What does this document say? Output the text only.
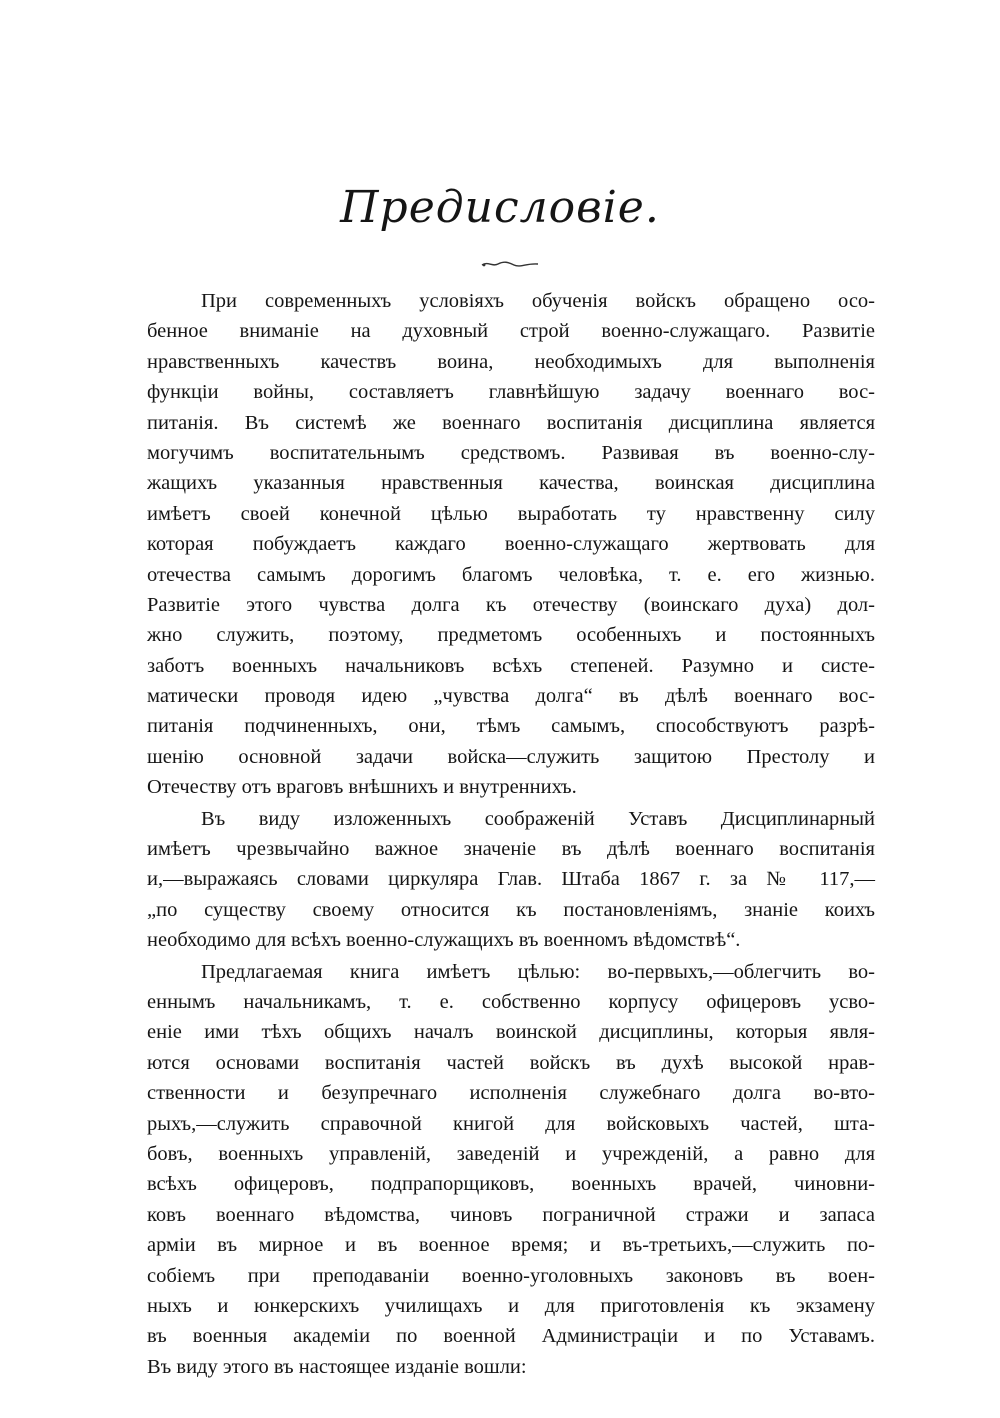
Предисловіе.
При современныхъ условіяхъ обученія войскъ обращено осо-
бенное вниманіе на духовный строй военно-служащаго. Развитіе
нравственныхъ качествъ воина, необходимыхъ для выполненія
функціи войны, составляетъ главнѣйшую задачу военнаго вос-
питанія. Въ системѣ же военнаго воспитанія дисциплина является
могучимъ воспитательнымъ средствомъ. Развивая въ военно-слу-
жащихъ указанныя нравственныя качества, воинская дисциплина
имѣетъ своей конечной цѣлью выработать ту нравственну силу
которая побуждаетъ каждаго военно-служащаго жертвовать для
отечества самымъ дорогимъ благомъ человѣка, т. е. его жизнью.
Развитіе этого чувства долга къ отечеству (воинскаго духа) дол-
жно служить, поэтому, предметомъ особенныхъ и постоянныхъ
заботъ военныхъ начальниковъ всѣхъ степеней. Разумно и систе-
матически проводя идею „чувства долга“ въ дѣлѣ военнаго вос-
питанія подчиненныхъ, они, тѣмъ самымъ, способствуютъ разрѣ-
шенію основной задачи войска—служить защитою Престолу и
Отечеству отъ враговъ внѣшнихъ и внутреннихъ.
Въ виду изложенныхъ соображеній Уставъ Дисциплинарный
имѣетъ чрезвычайно важное значеніе въ дѣлѣ военнаго воспитанія
и,—выражаясь словами циркуляра Глав. Штаба 1867 г. за № 117,—
„по существу своему относится къ постановленіямъ, знаніе коихъ
необходимо для всѣхъ военно-служащихъ въ военномъ вѣдомствѣ“.
Предлагаемая книга имѣетъ цѣлью: во-первыхъ,—облегчить во-
еннымъ начальникамъ, т. е. собственно корпусу офицеровъ усво-
еніе ими тѣхъ общихъ началъ воинской дисциплины, которыя явля-
ются основами воспитанія частей войскъ въ духѣ высокой нрав-
ственности и безупречнаго исполненія служебнаго долга во-вто-
рыхъ,—служить справочной книгой для войсковыхъ частей, шта-
бовъ, военныхъ управленій, заведеній и учрежденій, а равно для
всѣхъ офицеровъ, подпрапорщиковъ, военныхъ врачей, чиновни-
ковъ военнаго вѣдомства, чиновъ пограничной стражи и запаса
арміи въ мирное и въ военное время; и въ-третьихъ,—служить по-
собіемъ при преподаваніи военно-уголовныхъ законовъ въ воен-
ныхъ и юнкерскихъ училищахъ и для приготовленія къ экзамену
въ военныя академіи по военной Администраціи и по Уставамъ.
Въ виду этого въ настоящее изданіе вошли:
